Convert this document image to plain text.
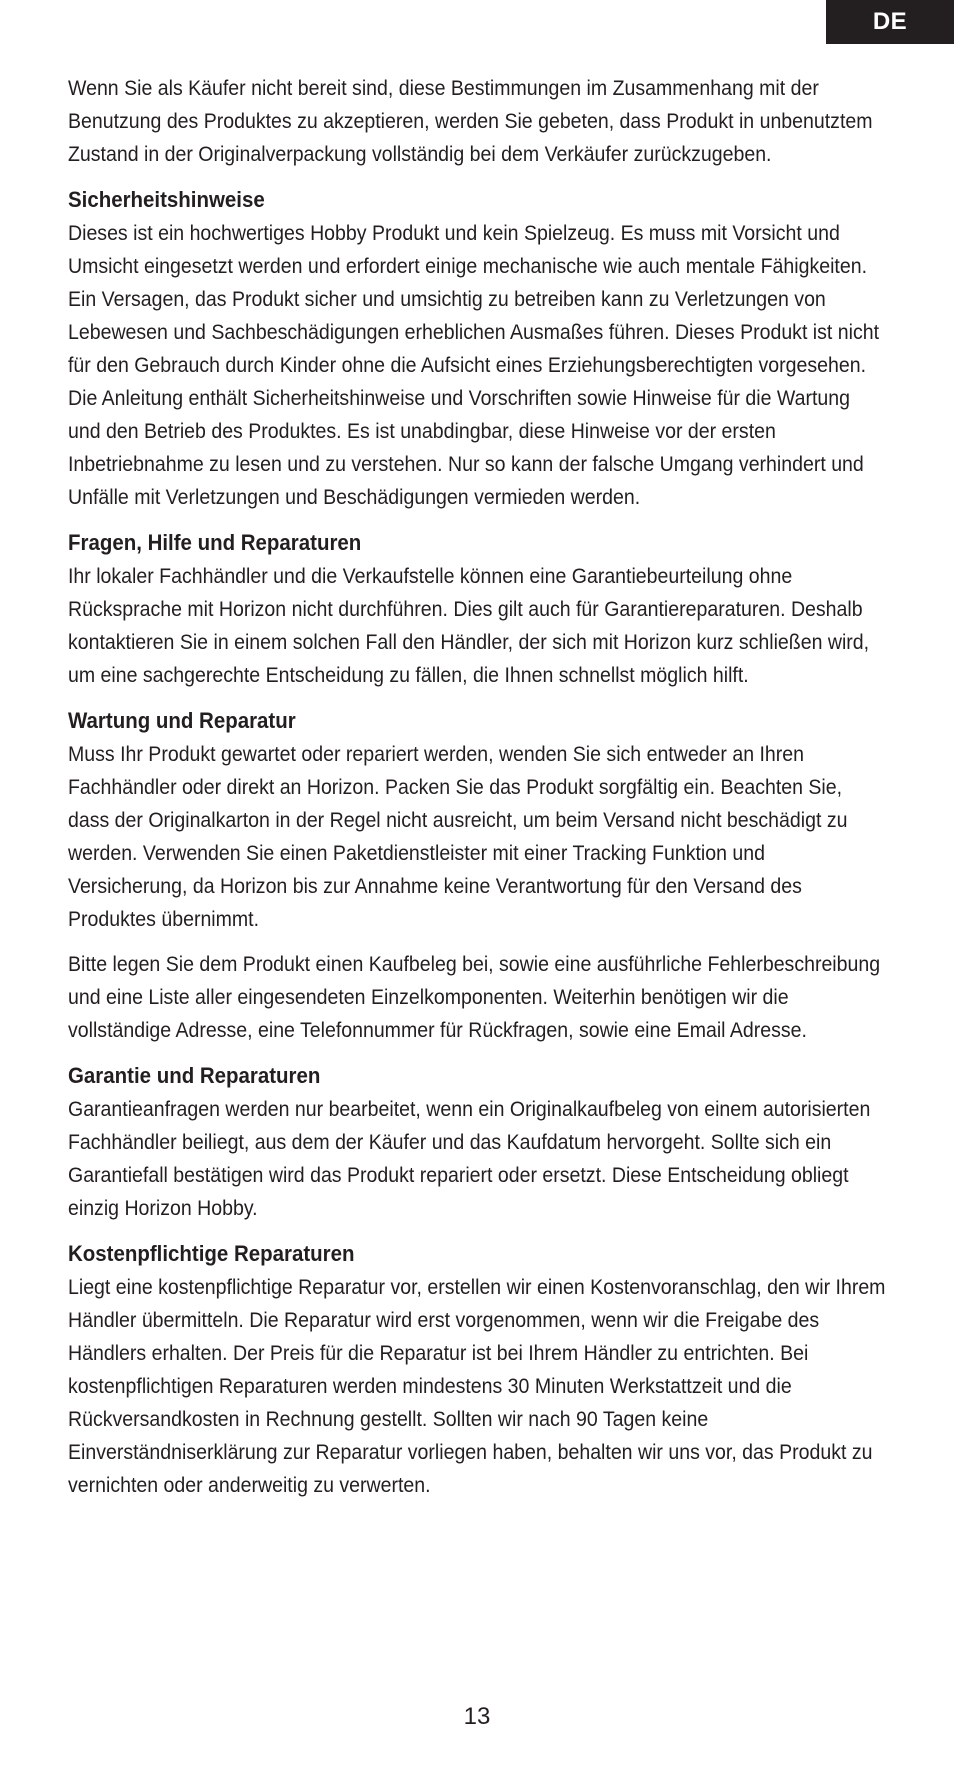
DE

Wenn Sie als Käufer nicht bereit sind, diese Bestimmungen im Zusammenhang mit der Benutzung des Produktes zu akzeptieren, werden Sie gebeten, dass Produkt in unbenutztem Zustand in der Originalverpackung vollständig bei dem Verkäufer zurückzugeben.

Sicherheitshinweise

Dieses ist ein hochwertiges Hobby Produkt und kein Spielzeug. Es muss mit Vorsicht und Umsicht eingesetzt werden und erfordert einige mechanische wie auch mentale Fähigkeiten. Ein Versagen, das Produkt sicher und umsichtig zu betreiben kann zu Verletzungen von Lebewesen und Sachbeschädigungen erheblichen Ausmaßes führen. Dieses Produkt ist nicht für den Gebrauch durch Kinder ohne die Aufsicht eines Erziehungsberechtigten vorgesehen. Die Anleitung enthält Sicherheitshinweise und Vorschriften sowie Hinweise für die Wartung und den Betrieb des Produktes. Es ist unabdingbar, diese Hinweise vor der ersten Inbetriebnahme zu lesen und zu verstehen. Nur so kann der falsche Umgang verhindert und Unfälle mit Verletzungen und Beschädigungen vermieden werden.

Fragen, Hilfe und Reparaturen

Ihr lokaler Fachhändler und die Verkaufstelle können eine Garantiebeurteilung ohne Rücksprache mit Horizon nicht durchführen. Dies gilt auch für Garantiereparaturen. Deshalb kontaktieren Sie in einem solchen Fall den Händler, der sich mit Horizon kurz schließen wird, um eine sachgerechte Entscheidung zu fällen, die Ihnen schnellst möglich hilft.

Wartung und Reparatur

Muss Ihr Produkt gewartet oder repariert werden, wenden Sie sich entweder an Ihren Fachhändler oder direkt an Horizon. Packen Sie das Produkt sorgfältig ein. Beachten Sie, dass der Originalkarton in der Regel nicht ausreicht, um beim Versand nicht beschädigt zu werden. Verwenden Sie einen Paketdienstleister mit einer Tracking Funktion und Versicherung, da Horizon bis zur Annahme keine Verantwortung für den Versand des Produktes übernimmt.

Bitte legen Sie dem Produkt einen Kaufbeleg bei, sowie eine ausführliche Fehlerbeschreibung und eine Liste aller eingesendeten Einzelkomponenten. Weiterhin benötigen wir die vollständige Adresse, eine Telefonnummer für Rückfragen, sowie eine Email Adresse.

Garantie und Reparaturen

Garantieanfragen werden nur bearbeitet, wenn ein Originalkaufbeleg von einem autorisierten Fachhändler beiliegt, aus dem der Käufer und das Kaufdatum hervorgeht. Sollte sich ein Garantiefall bestätigen wird das Produkt repariert oder ersetzt. Diese Entscheidung obliegt einzig Horizon Hobby.

Kostenpflichtige Reparaturen

Liegt eine kostenpflichtige Reparatur vor, erstellen wir einen Kostenvoranschlag, den wir Ihrem Händler übermitteln. Die Reparatur wird erst vorgenommen, wenn wir die Freigabe des Händlers erhalten. Der Preis für die Reparatur ist bei Ihrem Händler zu entrichten. Bei kostenpflichtigen Reparaturen werden mindestens 30 Minuten Werkstattzeit und die Rückversandkosten in Rechnung gestellt. Sollten wir nach 90 Tagen keine Einverständniserklärung zur Reparatur vorliegen haben, behalten wir uns vor, das Produkt zu vernichten oder anderweitig zu verwerten.

13
